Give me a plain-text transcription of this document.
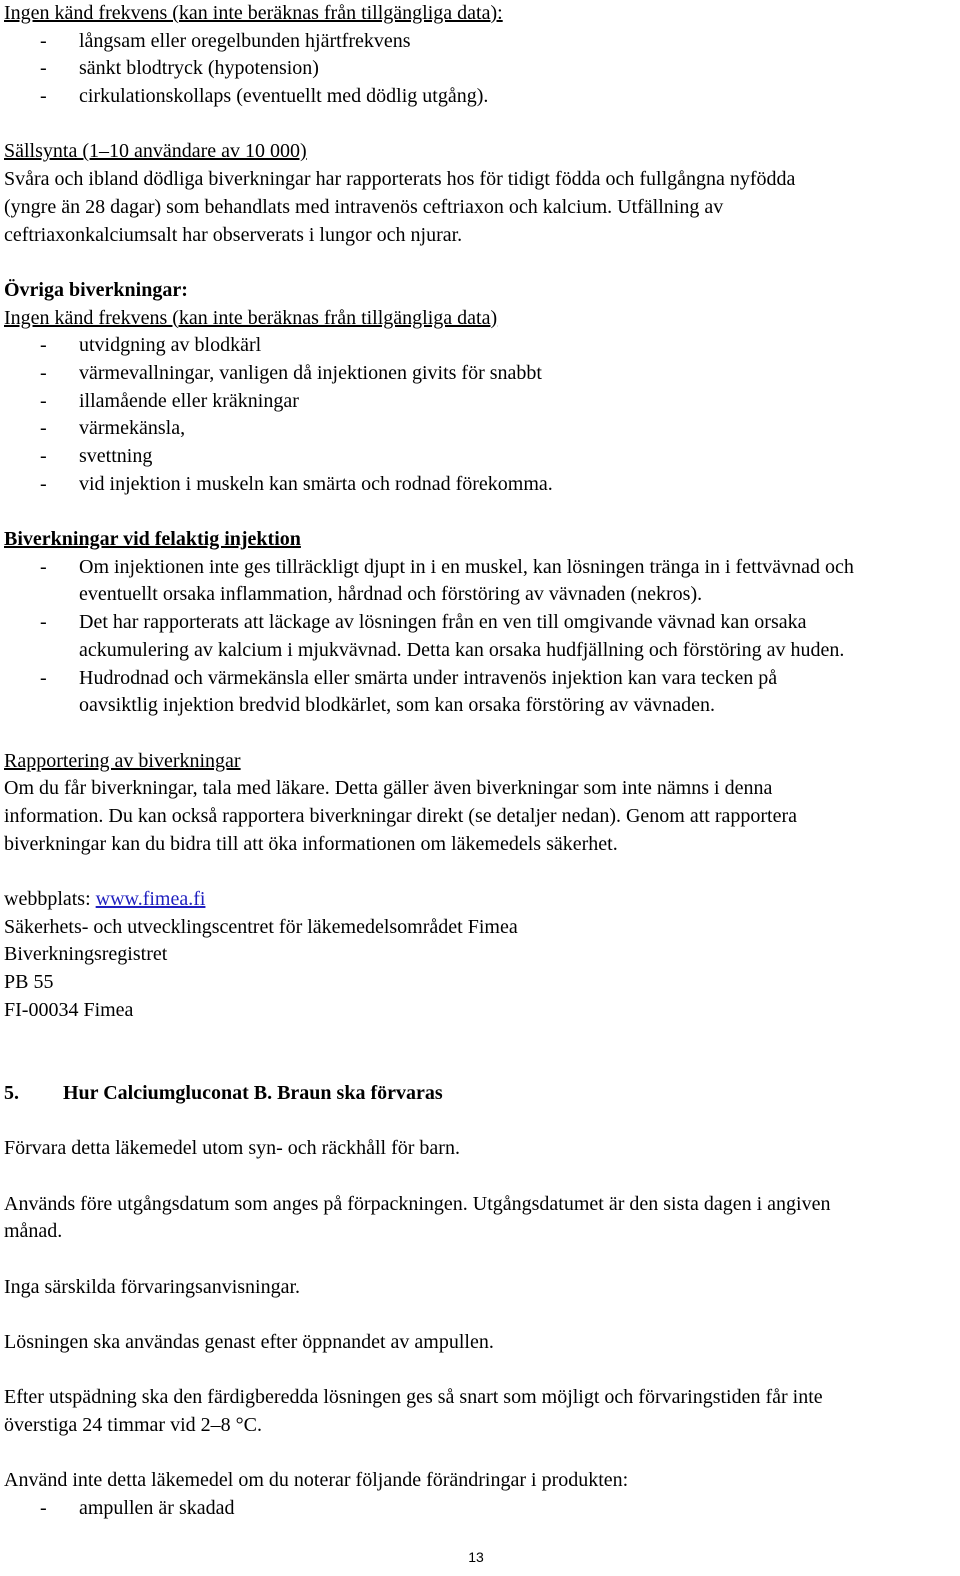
Ingen känd frekvens (kan inte beräknas från tillgängliga data):
-	långsam eller oregelbunden hjärtfrekvens
-	sänkt blodtryck (hypotension)
-	cirkulationskollaps (eventuellt med dödlig utgång).
Sällsynta (1–10 användare av 10 000)
Svåra och ibland dödliga biverkningar har rapporterats hos för tidigt födda och fullgångna nyfödda
(yngre än 28 dagar) som behandlats med intravenös ceftriaxon och kalcium. Utfällning av
ceftriaxonkalciumsalt har observerats i lungor och njurar.
Övriga biverkningar:
Ingen känd frekvens (kan inte beräknas från tillgängliga data)
-	utvidgning av blodkärl
-	värmevallningar, vanligen då injektionen givits för snabbt
-	illamående eller kräkningar
-	värmekänsla,
-	svettning
-	vid injektion i muskeln kan smärta och rodnad förekomma.
Biverkningar vid felaktig injektion
-	Om injektionen inte ges tillräckligt djupt in i en muskel, kan lösningen tränga in i fettvävnad och
eventuellt orsaka inflammation, hårdnad och förstöring av vävnaden (nekros).
-	Det har rapporterats att läckage av lösningen från en ven till omgivande vävnad kan orsaka
ackumulering av kalcium i mjukvävnad. Detta kan orsaka hudfjällning och förstöring av huden.
-	Hudrodnad och värmekänsla eller smärta under intravenös injektion kan vara tecken på
oavsiktlig injektion bredvid blodkärlet, som kan orsaka förstöring av vävnaden.
Rapportering av biverkningar
Om du får biverkningar, tala med läkare. Detta gäller även biverkningar som inte nämns i denna
information. Du kan också rapportera biverkningar direkt (se detaljer nedan). Genom att rapportera
biverkningar kan du bidra till att öka informationen om läkemedels säkerhet.
webbplats: www.fimea.fi
Säkerhets- och utvecklingscentret för läkemedelsområdet Fimea
Biverkningsregistret
PB 55
FI-00034 Fimea
5. Hur Calciumgluconat B. Braun ska förvaras
Förvara detta läkemedel utom syn- och räckhåll för barn.
Används före utgångsdatum som anges på förpackningen. Utgångsdatumet är den sista dagen i angiven
månad.
Inga särskilda förvaringsanvisningar.
Lösningen ska användas genast efter öppnandet av ampullen.
Efter utspädning ska den färdigberedda lösningen ges så snart som möjligt och förvaringstiden får inte
överstiga 24 timmar vid 2–8 °C.
Använd inte detta läkemedel om du noterar följande förändringar i produkten:
-	ampullen är skadad
13
